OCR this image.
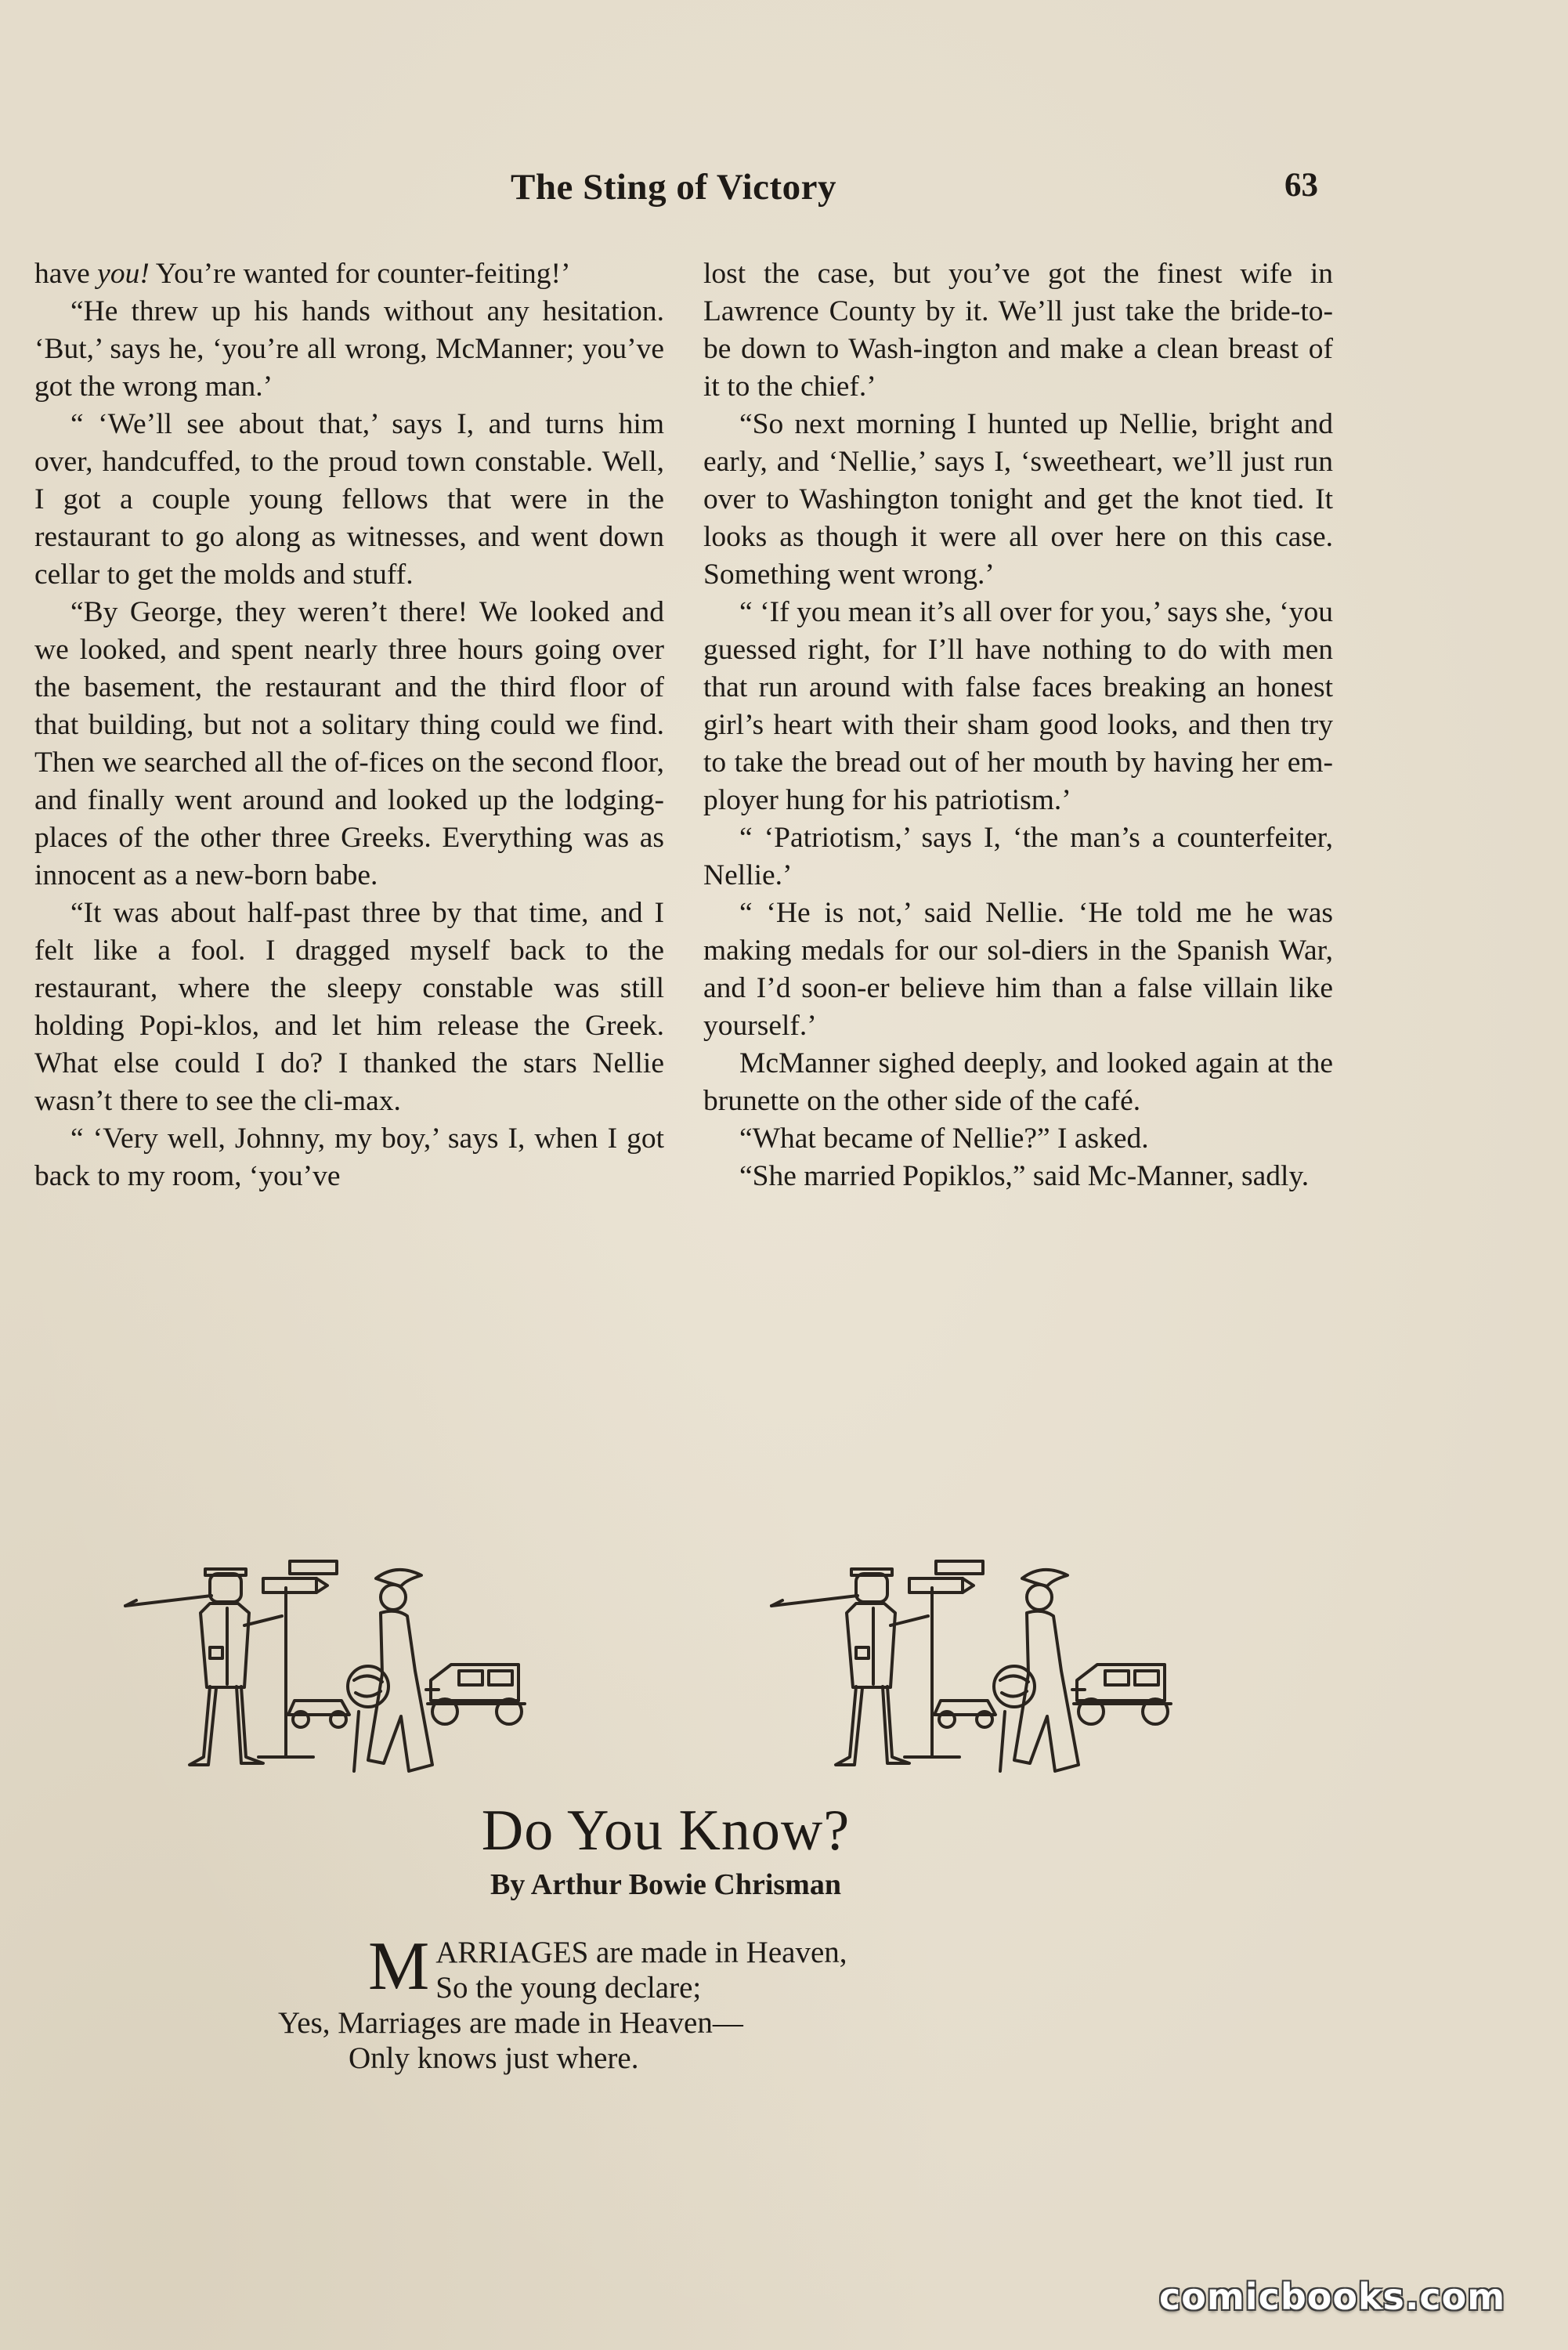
The Sting of Victory	63

have you! You’re wanted for counter-feiting!’

“He threw up his hands without any hesitation. ‘But,’ says he, ‘you’re all wrong, McManner; you’ve got the wrong man.’

“ ‘We’ll see about that,’ says I, and turns him over, handcuffed, to the proud town constable. Well, I got a couple young fellows that were in the restaurant to go along as witnesses, and went down cellar to get the molds and stuff.

“By George, they weren’t there! We looked and we looked, and spent nearly three hours going over the basement, the restaurant and the third floor of that building, but not a solitary thing could we find. Then we searched all the of-fices on the second floor, and finally went around and looked up the lodging-places of the other three Greeks. Everything was as innocent as a new-born babe.

“It was about half-past three by that time, and I felt like a fool. I dragged myself back to the restaurant, where the sleepy constable was still holding Popi-klos, and let him release the Greek. What else could I do? I thanked the stars Nellie wasn’t there to see the cli-max.

“ ‘Very well, Johnny, my boy,’ says I, when I got back to my room, ‘you’ve

lost the case, but you’ve got the finest wife in Lawrence County by it. We’ll just take the bride-to-be down to Wash-ington and make a clean breast of it to the chief.’

“So next morning I hunted up Nellie, bright and early, and ‘Nellie,’ says I, ‘sweetheart, we’ll just run over to Washington tonight and get the knot tied. It looks as though it were all over here on this case. Something went wrong.’

“ ‘If you mean it’s all over for you,’ says she, ‘you guessed right, for I’ll have nothing to do with men that run around with false faces breaking an honest girl’s heart with their sham good looks, and then try to take the bread out of her mouth by having her em-ployer hung for his patriotism.’

“ ‘Patriotism,’ says I, ‘the man’s a counterfeiter, Nellie.’

“ ‘He is not,’ said Nellie. ‘He told me he was making medals for our sol-diers in the Spanish War, and I’d soon-er believe him than a false villain like yourself.’

McManner sighed deeply, and looked again at the brunette on the other side of the café.

“What became of Nellie?” I asked.

“She married Popiklos,” said Mc-Manner, sadly.

Do You Know?
By Arthur Bowie Chrisman
M ARRIAGES are made in Heaven,
So the young declare;
Yes, Marriages are made in Heaven—
Only knows just where.
comicbooks.com
